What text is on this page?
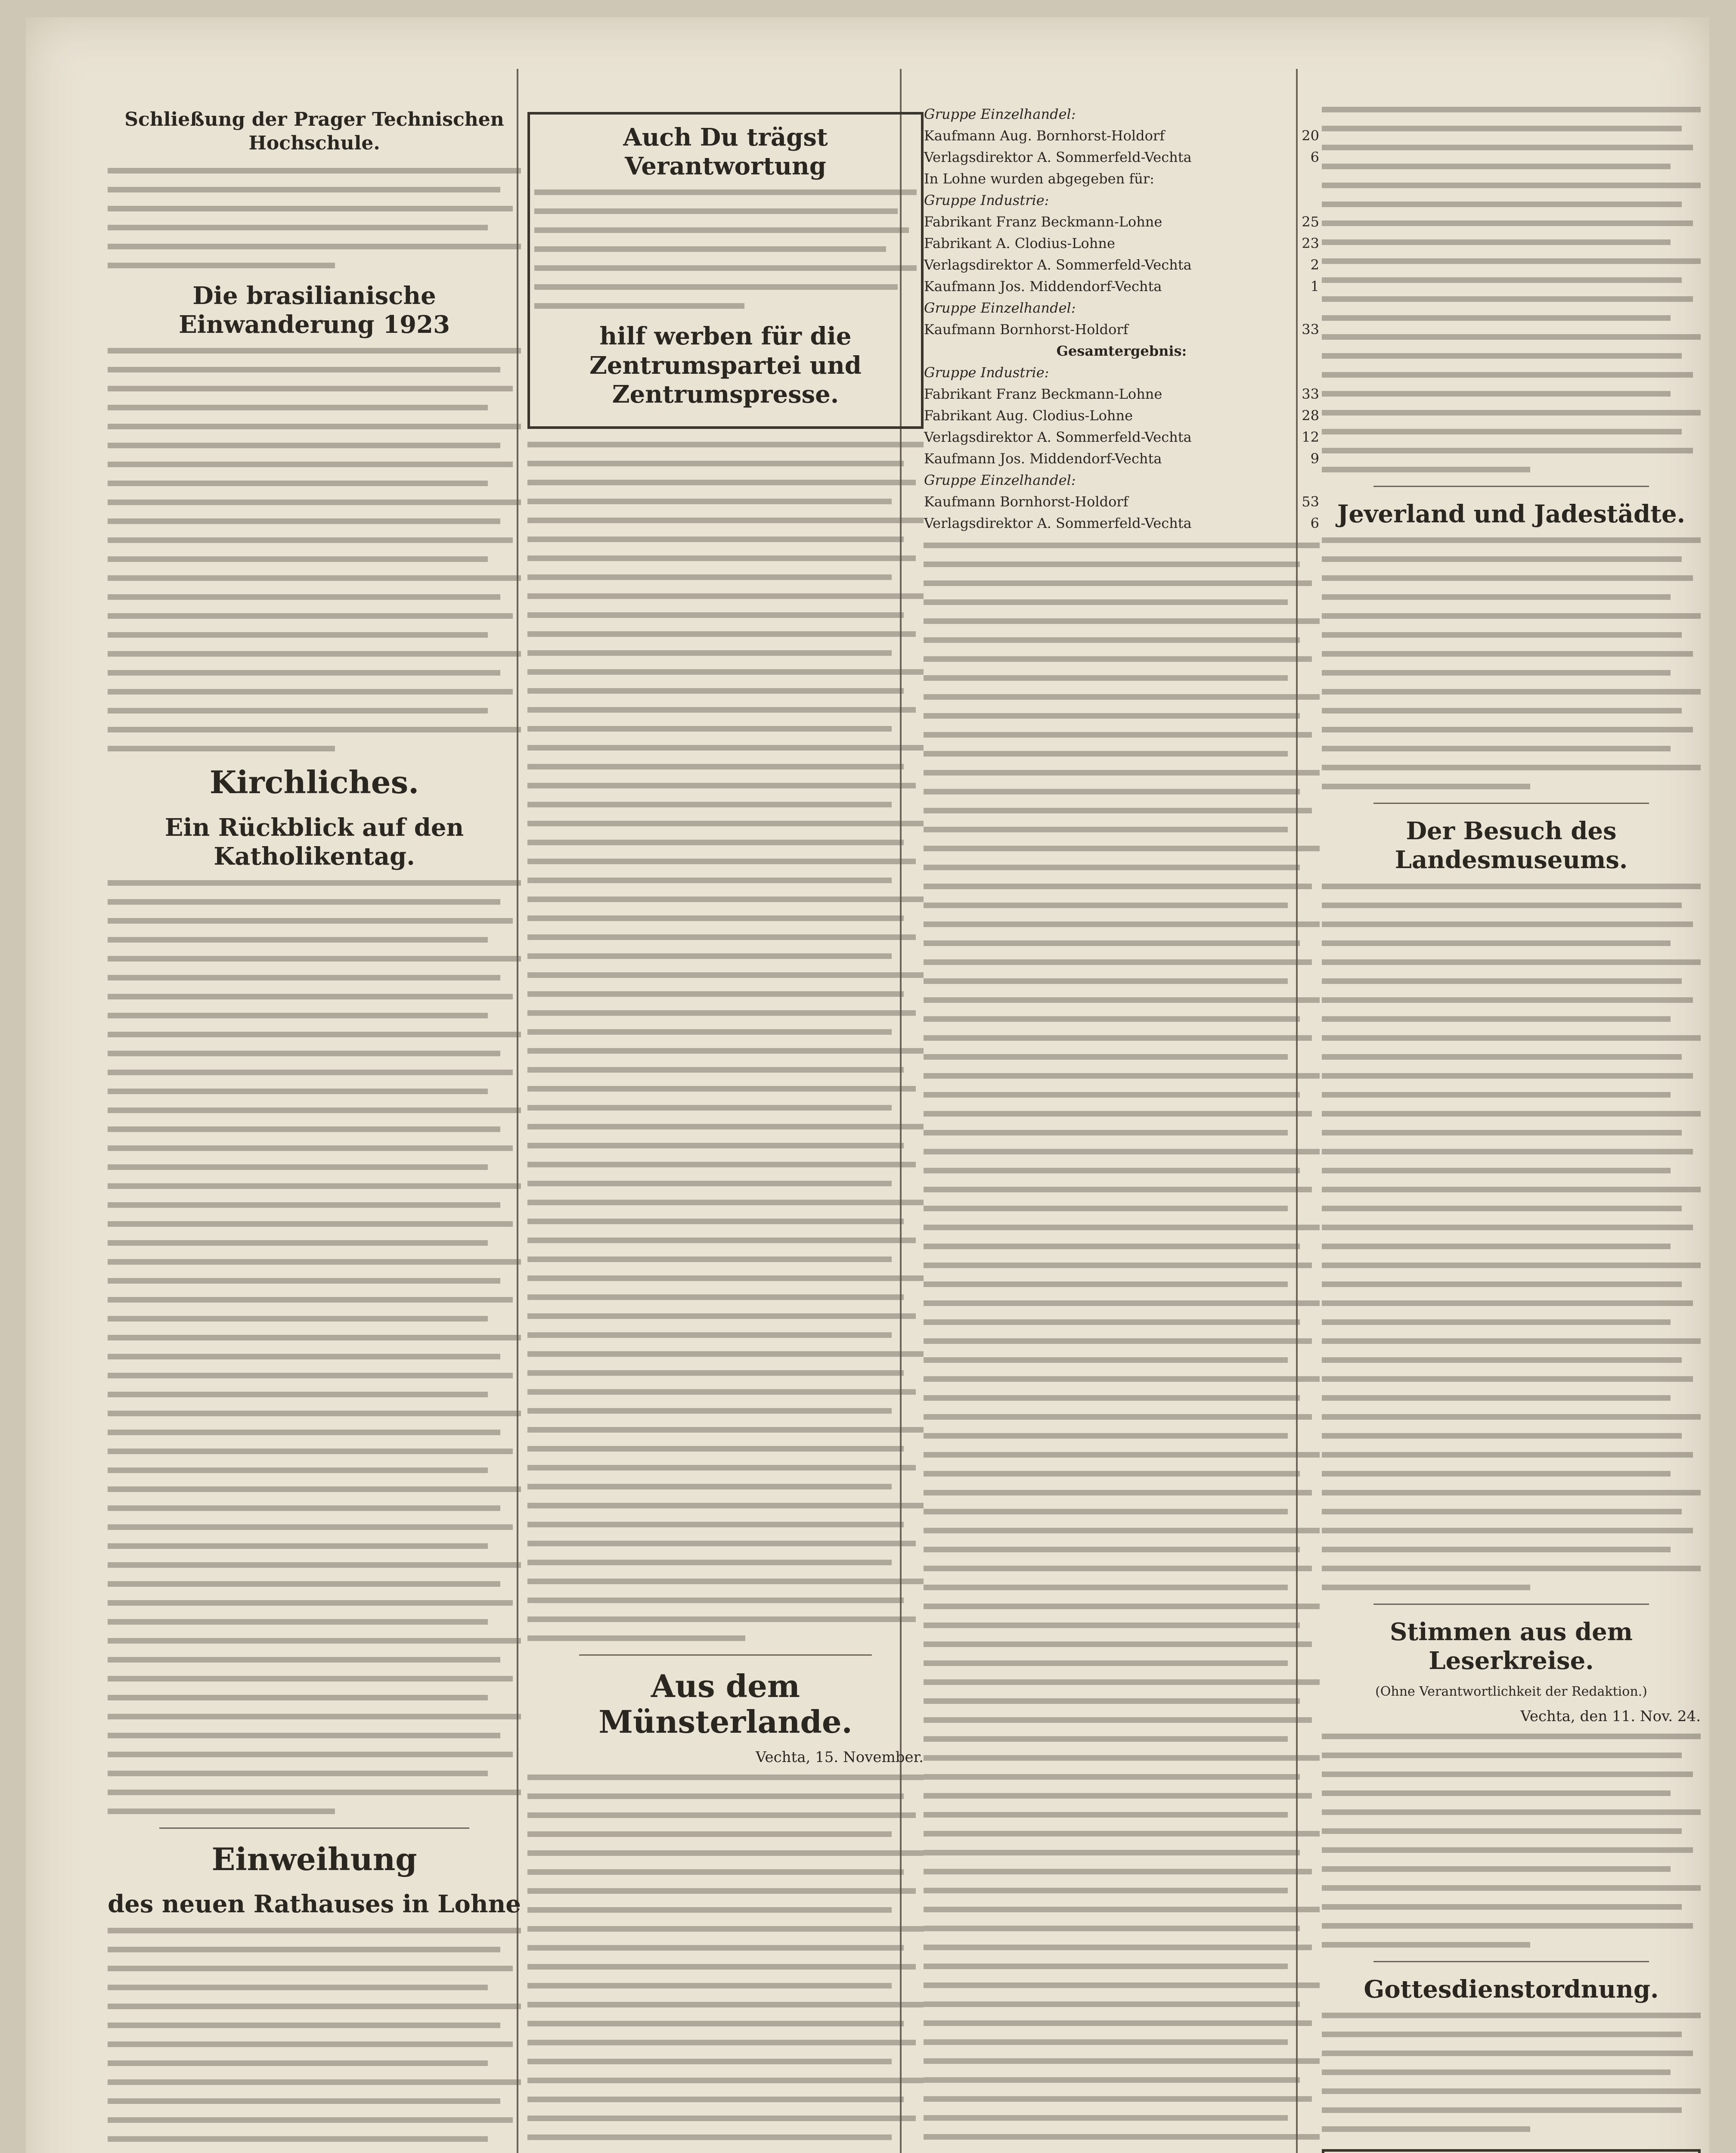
Schließung der Prager Technischen Hochschule.
Die brasilianische Einwanderung 1923
Kirchliches.
Ein Rückblick auf den Katholikentag.
Einweihung
des neuen Rathauses in Lohne
Auch Du trägst Verantwortung
hilf werben für die Zentrumspartei und Zentrumspresse.
Aus dem Münsterlande.
Vechta, 15. November.

Gruppe Einzelhandel:	
Kaufmann Aug. Bornhorst-Holdorf	20
Verlagsdirektor A. Sommerfeld-Vechta	6
In Lohne wurden abgegeben für:	
Gruppe Industrie:	
Fabrikant Franz Beckmann-Lohne	25
Fabrikant A. Clodius-Lohne	23
Verlagsdirektor A. Sommerfeld-Vechta	2
Kaufmann Jos. Middendorf-Vechta	1
Gruppe Einzelhandel:	
Kaufmann Bornhorst-Holdorf	33
Gesamtergebnis:	
Gruppe Industrie:	
Fabrikant Franz Beckmann-Lohne	33
Fabrikant Aug. Clodius-Lohne	28
Verlagsdirektor A. Sommerfeld-Vechta	12
Kaufmann Jos. Middendorf-Vechta	9
Gruppe Einzelhandel:	
Kaufmann Bornhorst-Holdorf	53
Verlagsdirektor A. Sommerfeld-Vechta	6 Jeverland und Jadestädte.
Der Besuch des Landesmuseums.
Stimmen aus dem Leserkreise.
(Ohne Verantwortlichkeit der Redaktion.)
Vechta, den 11. Nov. 24.
Gottesdienstordnung.
